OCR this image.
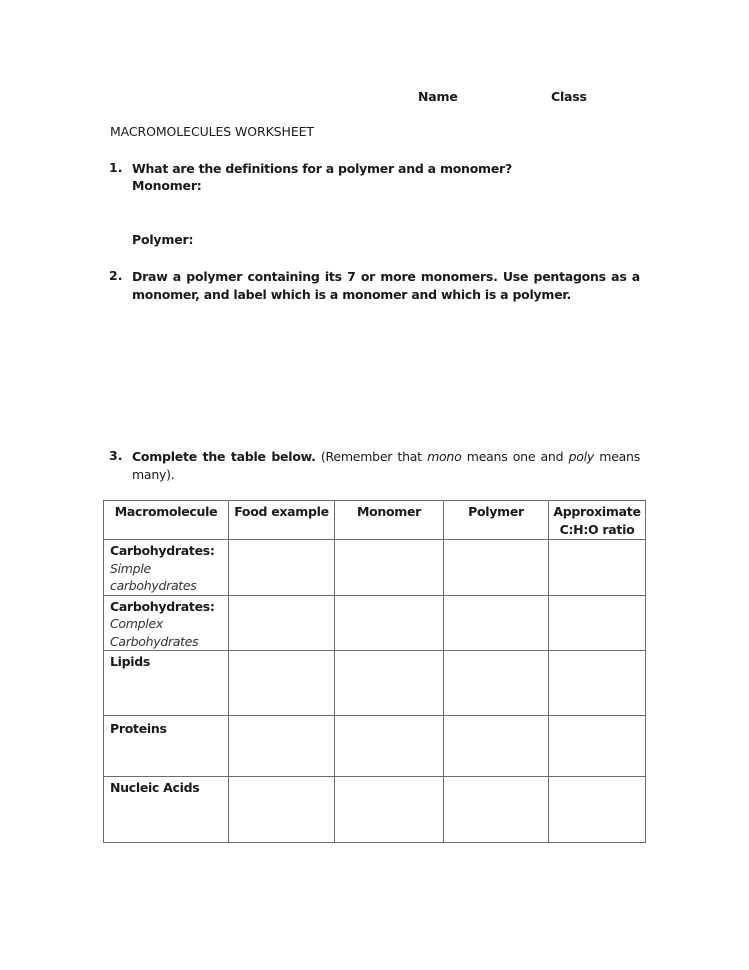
Name	Class
MACROMOLECULES WORKSHEET
1. What are the definitions for a polymer and a monomer?
Monomer:
Polymer:
2. Draw a polymer containing its 7 or more monomers. Use pentagons as a monomer, and label which is a monomer and which is a polymer.
3. Complete the table below. (Remember that mono means one and poly means many).
Macromolecule	Food example	Monomer	Polymer	Approximate C:H:O ratio

Carbohydrates:
Simple carbohydrates				

Carbohydrates:
Complex Carbohydrates				

Lipids				

Proteins				

Nucleic Acids				
